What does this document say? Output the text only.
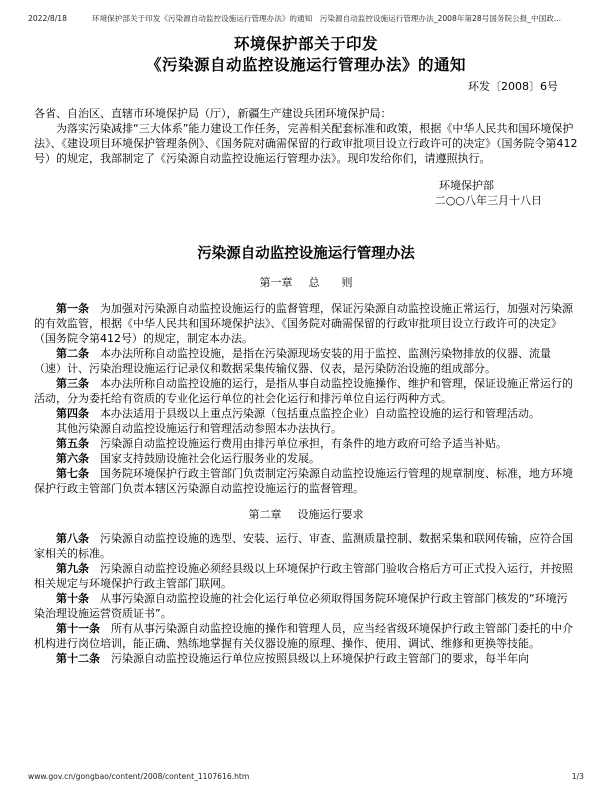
2022/8/18	环境保护部关于印发《污染源自动监控设施运行管理办法》的通知　污染源自动监控设施运行管理办法_2008年第28号国务院公报_中国政...
环境保护部关于印发
《污染源自动监控设施运行管理办法》的通知
环发〔2008〕6号

各省、自治区、直辖市环境保护局（厅），新疆生产建设兵团环境保护局：

为落实污染减排“三大体系”能力建设工作任务，完善相关配套标准和政策，根据《中华人民共和国环境保护法》、《建设项目环境保护管理条例》、《国务院对确需保留的行政审批项目设立行政许可的决定》（国务院令第412号）的规定，我部制定了《污染源自动监控设施运行管理办法》。现印发给你们，请遵照执行。

环境保护部
二○○八年三月十八日
污染源自动监控设施运行管理办法
第一章 总　　则

第一条　为加强对污染源自动监控设施运行的监督管理，保证污染源自动监控设施正常运行，加强对污染源的有效监管，根据《中华人民共和国环境保护法》、《国务院对确需保留的行政审批项目设立行政许可的决定》（国务院令第412号）的规定，制定本办法。

第二条　本办法所称自动监控设施，是指在污染源现场安装的用于监控、监测污染物排放的仪器、流量（速）计、污染治理设施运行记录仪和数据采集传输仪器、仪表，是污染防治设施的组成部分。

第三条　本办法所称自动监控设施的运行，是指从事自动监控设施操作、维护和管理，保证设施正常运行的活动，分为委托给有资质的专业化运行单位的社会化运行和排污单位自运行两种方式。

第四条　本办法适用于县级以上重点污染源（包括重点监控企业）自动监控设施的运行和管理活动。

其他污染源自动监控设施运行和管理活动参照本办法执行。

第五条　污染源自动监控设施运行费用由排污单位承担，有条件的地方政府可给予适当补贴。

第六条　国家支持鼓励设施社会化运行服务业的发展。

第七条　国务院环境保护行政主管部门负责制定污染源自动监控设施运行管理的规章制度、标准，地方环境保护行政主管部门负责本辖区污染源自动监控设施运行的监督管理。

第二章 设施运行要求

第八条　污染源自动监控设施的选型、安装、运行、审查、监测质量控制、数据采集和联网传输，应符合国家相关的标准。

第九条　污染源自动监控设施必须经县级以上环境保护行政主管部门验收合格后方可正式投入运行，并按照相关规定与环境保护行政主管部门联网。

第十条　从事污染源自动监控设施的社会化运行单位必须取得国务院环境保护行政主管部门核发的“环境污染治理设施运营资质证书”。

第十一条　所有从事污染源自动监控设施的操作和管理人员，应当经省级环境保护行政主管部门委托的中介机构进行岗位培训，能正确、熟练地掌握有关仪器设施的原理、操作、使用、调试、维修和更换等技能。

第十二条　污染源自动监控设施运行单位应按照县级以上环境保护行政主管部门的要求，每半年向

www.gov.cn/gongbao/content/2008/content_1107616.htm	1/3
